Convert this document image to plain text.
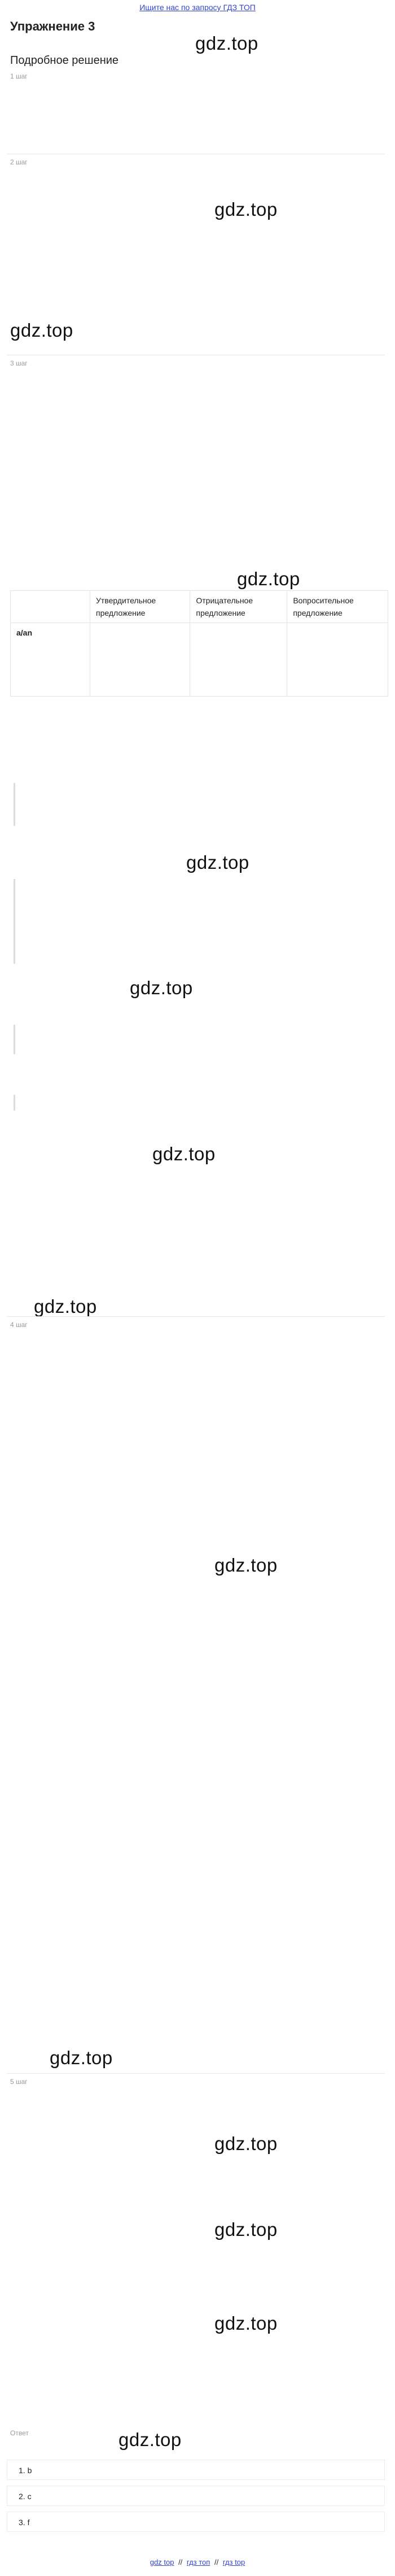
Ищите нас по запросу ГДЗ ТОП
Упражнение 3
gdz.top
Подробное решение
1 шаг
2 шаг
gdz.top
gdz.top
3 шаг
	Утвердительное предложение	Отрицательное предложение	Вопросительное предложение
a/an			
gdz.top
gdz.top
gdz.top
gdz.top
gdz.top
4 шаг
gdz.top
gdz.top
5 шаг
gdz.top
gdz.top
gdz.top
gdz.top
Ответ
1. b
2. c
3. f
gdz top // гдз топ // гдз top
